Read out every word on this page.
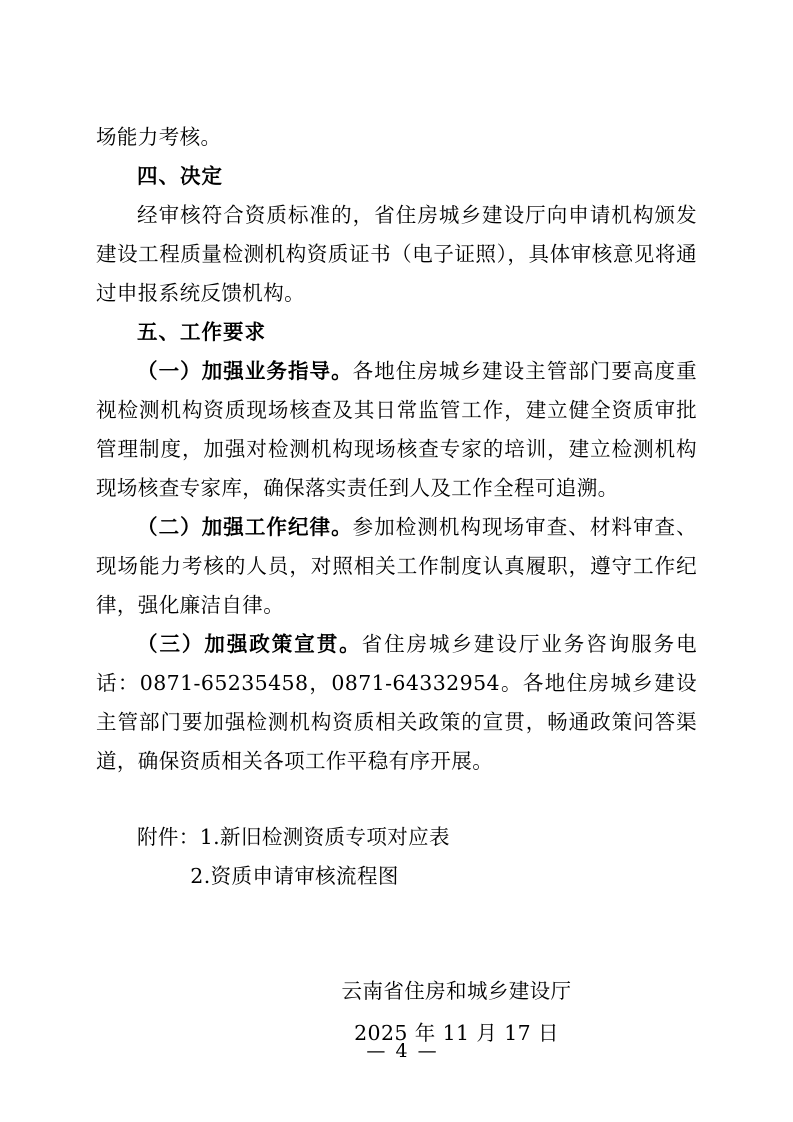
场能力考核。

四、决定

经审核符合资质标准的，省住房城乡建设厅向申请机构颁发建设工程质量检测机构资质证书（电子证照），具体审核意见将通过申报系统反馈机构。

五、工作要求

（一）加强业务指导。各地住房城乡建设主管部门要高度重视检测机构资质现场核查及其日常监管工作，建立健全资质审批管理制度，加强对检测机构现场核查专家的培训，建立检测机构现场核查专家库，确保落实责任到人及工作全程可追溯。

（二）加强工作纪律。参加检测机构现场审查、材料审查、现场能力考核的人员，对照相关工作制度认真履职，遵守工作纪律，强化廉洁自律。

（三）加强政策宣贯。省住房城乡建设厅业务咨询服务电话：0871-65235458，0871-64332954。各地住房城乡建设主管部门要加强检测机构资质相关政策的宣贯，畅通政策问答渠道，确保资质相关各项工作平稳有序开展。

附件：1.新旧检测资质专项对应表

2.资质申请审核流程图

云南省住房和城乡建设厅

2025 年 11 月 17 日

— 4 —
